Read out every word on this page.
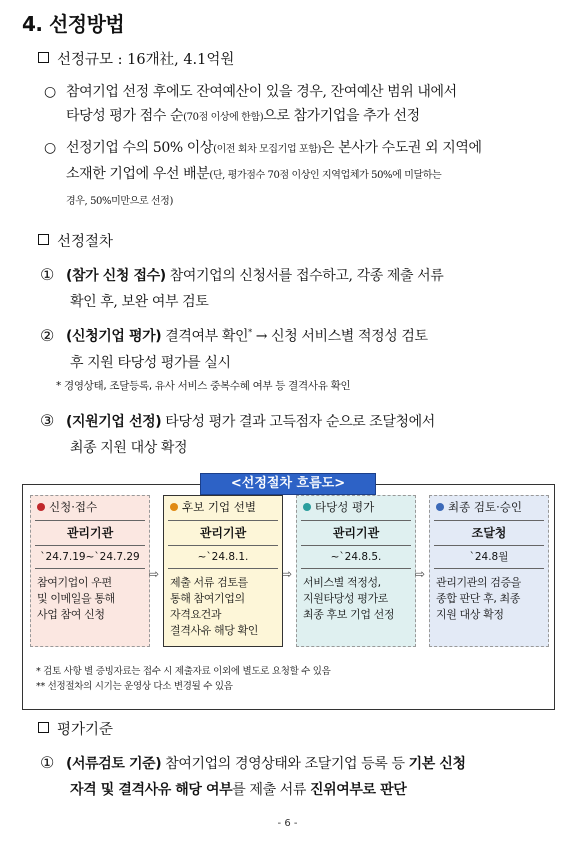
4. 선정방법
선정규모 : 16개社, 4.1억원
○ 참여기업 선정 후에도 잔여예산이 있을 경우, 잔여예산 범위 내에서
타당성 평가 점수 순(70점 이상에 한함)으로 참가기업을 추가 선정
○ 선정기업 수의 50% 이상(이전 회차 모집기업 포함)은 본사가 수도권 외 지역에
소재한 기업에 우선 배분(단, 평가점수 70점 이상인 지역업체가 50%에 미달하는
경우, 50%미만으로 선정)
선정절차
① (참가 신청 접수) 참여기업의 신청서를 접수하고, 각종 제출 서류
확인 후, 보완 여부 검토
② (신청기업 평가) 결격여부 확인* → 신청 서비스별 적정성 검토
후 지원 타당성 평가를 실시
* 경영상태, 조달등록, 유사 서비스 중복수혜 여부 등 결격사유 확인
③ (지원기업 선정) 타당성 평가 결과 고득점자 순으로 조달청에서
최종 지원 대상 확정
<선정절차 흐름도>
신청·접수
관리기관
`24.7.19~`24.7.29
참여기업이 우편
및 이메일을 통해
사업 참여 신청
⇨
후보 기업 선별
관리기관
~`24.8.1.
제출 서류 검토를
통해 참여기업의
자격요건과
결격사유 해당 확인
⇨
타당성 평가
관리기관
~`24.8.5.
서비스별 적정성,
지원타당성 평가로
최종 후보 기업 선정
⇨
최종 검토·승인
조달청
`24.8월
관리기관의 검증을
종합 판단 후, 최종
지원 대상 확정
* 검토 사항 별 증빙자료는 접수 시 제출자료 이외에 별도로 요청할 수 있음
** 선정절차의 시기는 운영상 다소 변경될 수 있음
평가기준
① (서류검토 기준) 참여기업의 경영상태와 조달기업 등록 등 기본 신청
자격 및 결격사유 해당 여부를 제출 서류 진위여부로 판단
- 6 -
